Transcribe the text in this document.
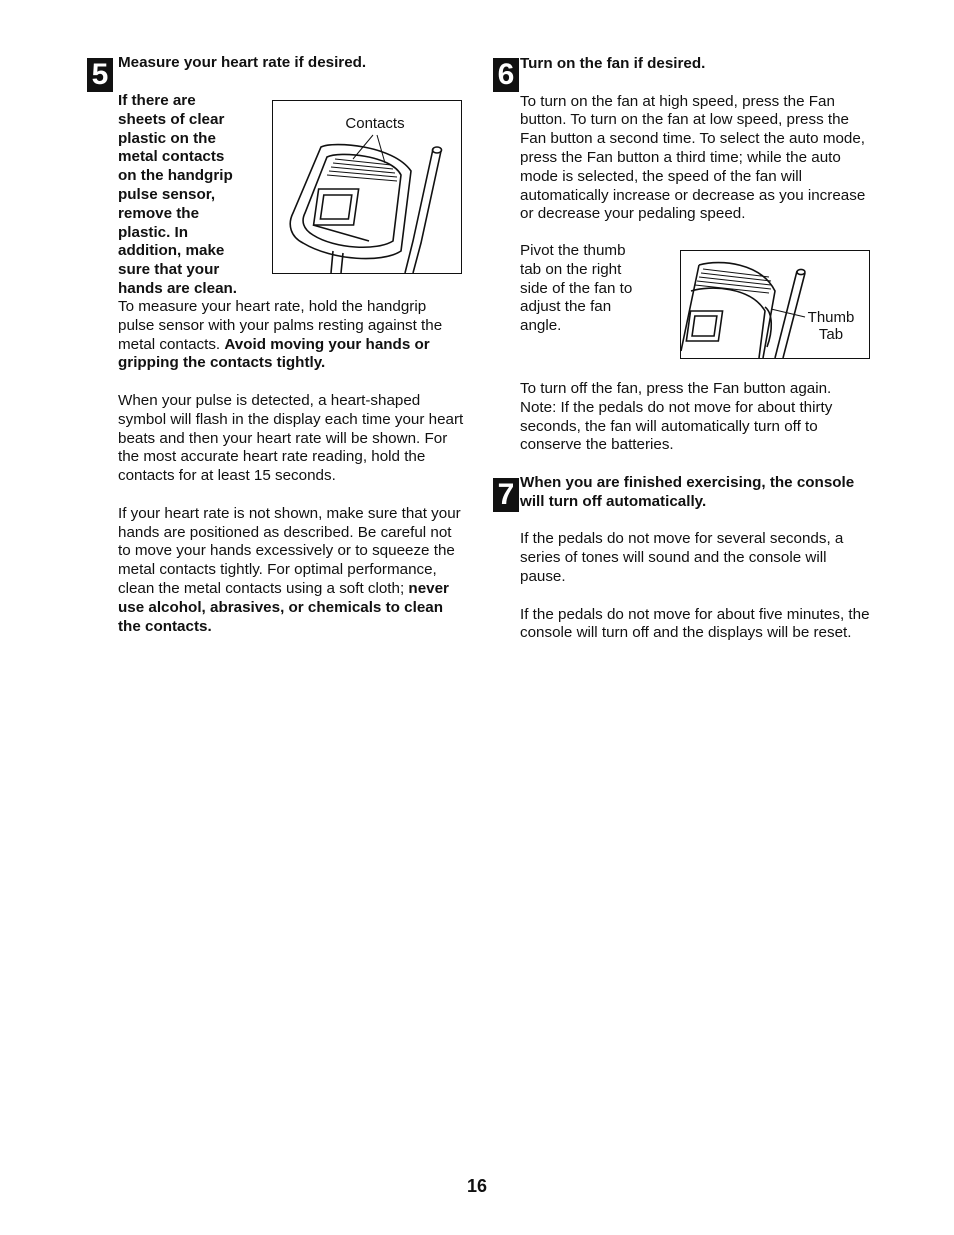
5 Measure your heart rate if desired.
Contacts
If there are sheets of clear plastic on the metal contacts on the handgrip pulse sensor, remove the plastic. In addition, make sure that your hands are clean.

To measure your heart rate, hold the handgrip pulse sensor with your palms resting against the metal contacts. Avoid moving your hands or gripping the contacts tightly.

When your pulse is detected, a heart-shaped symbol will flash in the display each time your heart beats and then your heart rate will be shown. For the most accurate heart rate reading, hold the contacts for at least 15 seconds.

If your heart rate is not shown, make sure that your hands are positioned as described. Be careful not to move your hands excessively or to squeeze the metal contacts tightly. For optimal performance, clean the metal contacts using a soft cloth; never use alcohol, abrasives, or chemicals to clean the contacts.

6 Turn on the fan if desired.

To turn on the fan at high speed, press the Fan button. To turn on the fan at low speed, press the Fan button a second time. To select the auto mode, press the Fan button a third time; while the auto mode is selected, the speed of the fan will automatically increase or decrease as you increase or decrease your pedaling speed.

Pivot the thumb tab on the right side of the fan to adjust the fan angle.	Thumb
Tab

To turn off the fan, press the Fan button again. Note: If the pedals do not move for about thirty seconds, the fan will automatically turn off to conserve the batteries.

7 When you are finished exercising, the console will turn off automatically.

If the pedals do not move for several seconds, a series of tones will sound and the console will pause.

If the pedals do not move for about five minutes, the console will turn off and the displays will be reset.

16
